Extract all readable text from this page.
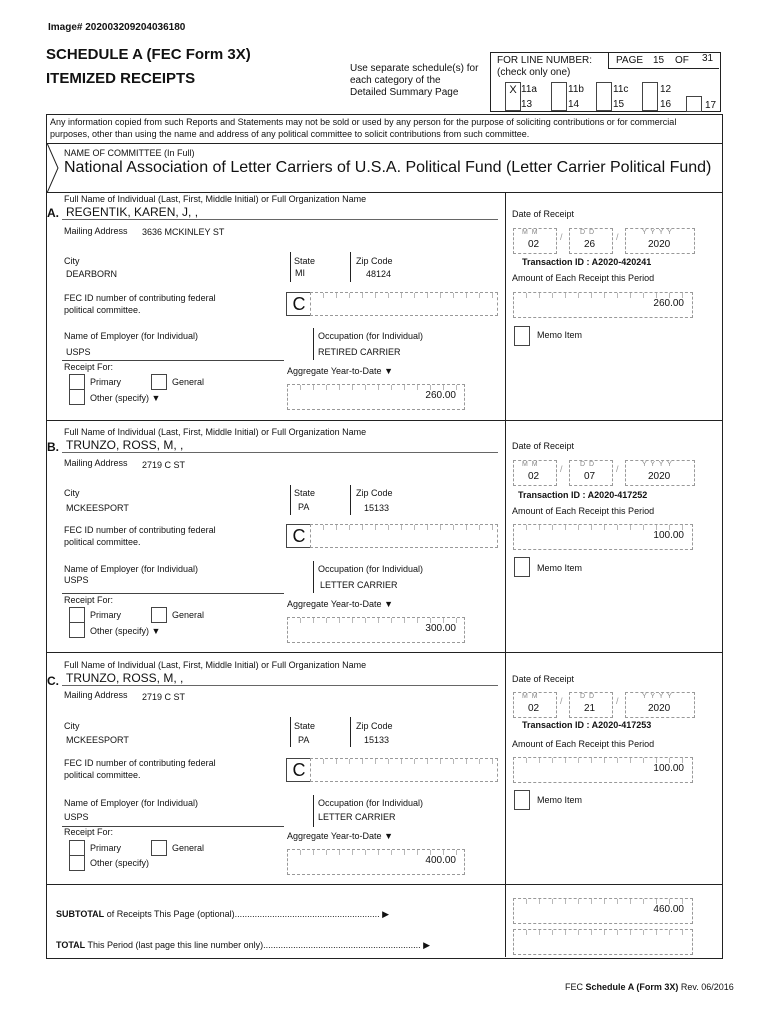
Image# 202003209204036180
SCHEDULE A (FEC Form 3X)
ITEMIZED RECEIPTS
Use separate schedule(s) for each category of the Detailed Summary Page
FOR LINE NUMBER:
(check only one)
PAGE 15 OF 31
X 11a	11b	11c	12
13	14	15	16	17
Any information copied from such Reports and Statements may not be sold or used by any person for the purpose of soliciting contributions or for commercial purposes, other than using the name and address of any political committee to solicit contributions from such committee.
NAME OF COMMITTEE (In Full)
National Association of Letter Carriers of U.S.A. Political Fund (Letter Carrier Political Fund)
Full Name of Individual (Last, First, Middle Initial) or Full Organization Name
A. REGENTIK, KAREN, J, ,
Mailing Address 3636 MCKINLEY ST
City
DEARBORN
State
MI
Zip Code
48124
FEC ID number of contributing federal political committee.	C
Name of Employer (for Individual)
USPS
Occupation (for Individual)
RETIRED CARRIER
Receipt For:
Primary	General
Other (specify) ▼
Aggregate Year-to-Date ▼
260.00
Date of Receipt
M M
02
/ D D
26
/	Y Y Y Y
2020
Transaction ID : A2020-420241
Amount of Each Receipt this Period
260.00
Memo Item
Full Name of Individual (Last, First, Middle Initial) or Full Organization Name
B. TRUNZO, ROSS, M, ,
Mailing Address 2719 C ST
City
MCKEESPORT
State
PA
Zip Code
15133
FEC ID number of contributing federal political committee.	C
Name of Employer (for Individual)
USPS
Occupation (for Individual)
LETTER CARRIER
Receipt For:
Primary	General
Other (specify) ▼
Aggregate Year-to-Date ▼
300.00
Date of Receipt
M M
02
/ D D
07
/	Y Y Y Y
2020
Transaction ID : A2020-417252
Amount of Each Receipt this Period
100.00
Memo Item
Full Name of Individual (Last, First, Middle Initial) or Full Organization Name
C. TRUNZO, ROSS, M, ,
Mailing Address 2719 C ST
City
MCKEESPORT
State
PA
Zip Code
15133
FEC ID number of contributing federal political committee.	C
Name of Employer (for Individual)
USPS
Occupation (for Individual)
LETTER CARRIER
Receipt For:
Primary	General
Other (specify)
Aggregate Year-to-Date ▼
400.00
Date of Receipt
M M
02
/ D D
21
/	Y Y Y Y
2020
Transaction ID : A2020-417253
Amount of Each Receipt this Period
100.00
Memo Item
SUBTOTAL of Receipts This Page (optional).......................................................... ▶	460.00
TOTAL This Period (last page this line number only)............................................................... ▶
FEC Schedule A (Form 3X) Rev. 06/2016
